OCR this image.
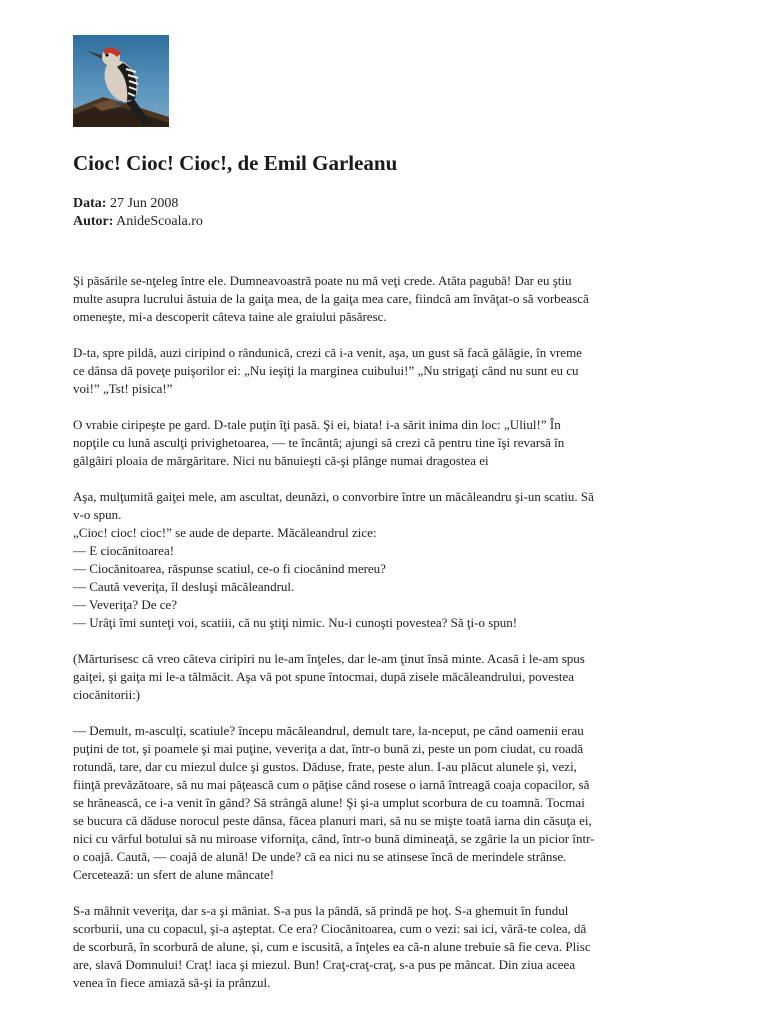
Cioc! Cioc! Cioc!, de Emil Garleanu
Data: 27 Jun 2008
Autor: AnideScoala.ro

Şi păsările se-nţeleg între ele. Dumneavoastră poate nu mă veţi crede. Atâta pagubă! Dar eu ştiu
multe asupra lucrului ăstuia de la gaiţa mea, de la gaiţa mea care, fiindcă am învăţat-o să vorbească
omeneşte, mi-a descoperit câteva taine ale graiului păsăresc.

D-ta, spre pildă, auzi ciripind o rândunică, crezi că i-a venit, aşa, un gust să facă gălăgie, în vreme
ce dânsa dă poveţe puişorilor ei: „Nu ieşiţi la marginea cuibului!” „Nu strigaţi când nu sunt eu cu
voi!” „Tst! pisica!”

O vrabie ciripeşte pe gard. D-tale puţin îţi pasă. Şi ei, biata! i-a sărit inima din loc: „Uliul!” În
nopţile cu lună asculţi privighetoarea, — te încântă; ajungi să crezi că pentru tine îşi revarsă în
gâlgâiri ploaia de mărgăritare. Nici nu bănuieşti că-şi plânge numai dragostea ei

Aşa, mulţumită gaiţei mele, am ascultat, deunăzi, o convorbire între un măcăleandru şi-un scatiu. Să
v-o spun.
„Cioc! cioc! cioc!” se aude de departe. Măcăleandrul zice:
— E ciocănitoarea!
— Ciocănitoarea, răspunse scatiul, ce-o fi ciocănind mereu?
— Caută veveriţa, îl desluşi măcăleandrul.
— Veveriţa? De ce?
— Urâţi îmi sunteţi voi, scatiii, că nu ştiţi nimic. Nu-i cunoşti povestea? Să ţi-o spun!

(Mărturisesc că vreo câteva ciripiri nu le-am înţeles, dar le-am ţinut însă minte. Acasă i le-am spus
gaiţei, şi gaiţa mi le-a tălmăcit. Aşa vă pot spune întocmai, după zisele măcăleandrului, povestea
ciocănitorii:)

— Demult, m-asculţi, scatiule? începu măcăleandrul, demult tare, la-nceput, pe când oamenii erau
puţini de tot, şi poamele şi mai puţine, veveriţa a dat, într-o bună zi, peste un pom ciudat, cu roadă
rotundă, tare, dar cu miezul dulce şi gustos. Dăduse, frate, peste alun. I-au plăcut alunele şi, vezi,
fiinţă prevăzătoare, să nu mai păţească cum o păţise când rosese o iarnă întreagă coaja copacilor, să
se hrănească, ce i-a venit în gând? Să strângă alune! Şi şi-a umplut scorbura de cu toamnă. Tocmai
se bucura că dăduse norocul peste dânsa, făcea planuri mari, să nu se mişte toată iarna din căsuţa ei,
nici cu vârful botului să nu miroase viforniţa, când, într-o bună dimineaţă, se zgârie la un picior într-
o coajă. Caută, — coajă de alună! De unde? că ea nici nu se atinsese încă de merindele strânse.
Cercetează: un sfert de alune mâncate!

S-a mâhnit veveriţa, dar s-a şi mâniat. S-a pus la pândă, să prindă pe hoţ. S-a ghemuit în fundul
scorburii, una cu copacul, şi-a aşteptat. Ce era? Ciocănitoarea, cum o vezi: sai ici, vârâ-te colea, dă
de scorbură, în scorbură de alune, şi, cum e iscusită, a înţeles ea că-n alune trebuie să fie ceva. Plisc
are, slavă Domnului! Craţ! iaca şi miezul. Bun! Craţ-craţ-craţ, s-a pus pe mâncat. Din ziua aceea
venea în fiece amiază să-şi ia prânzul.
